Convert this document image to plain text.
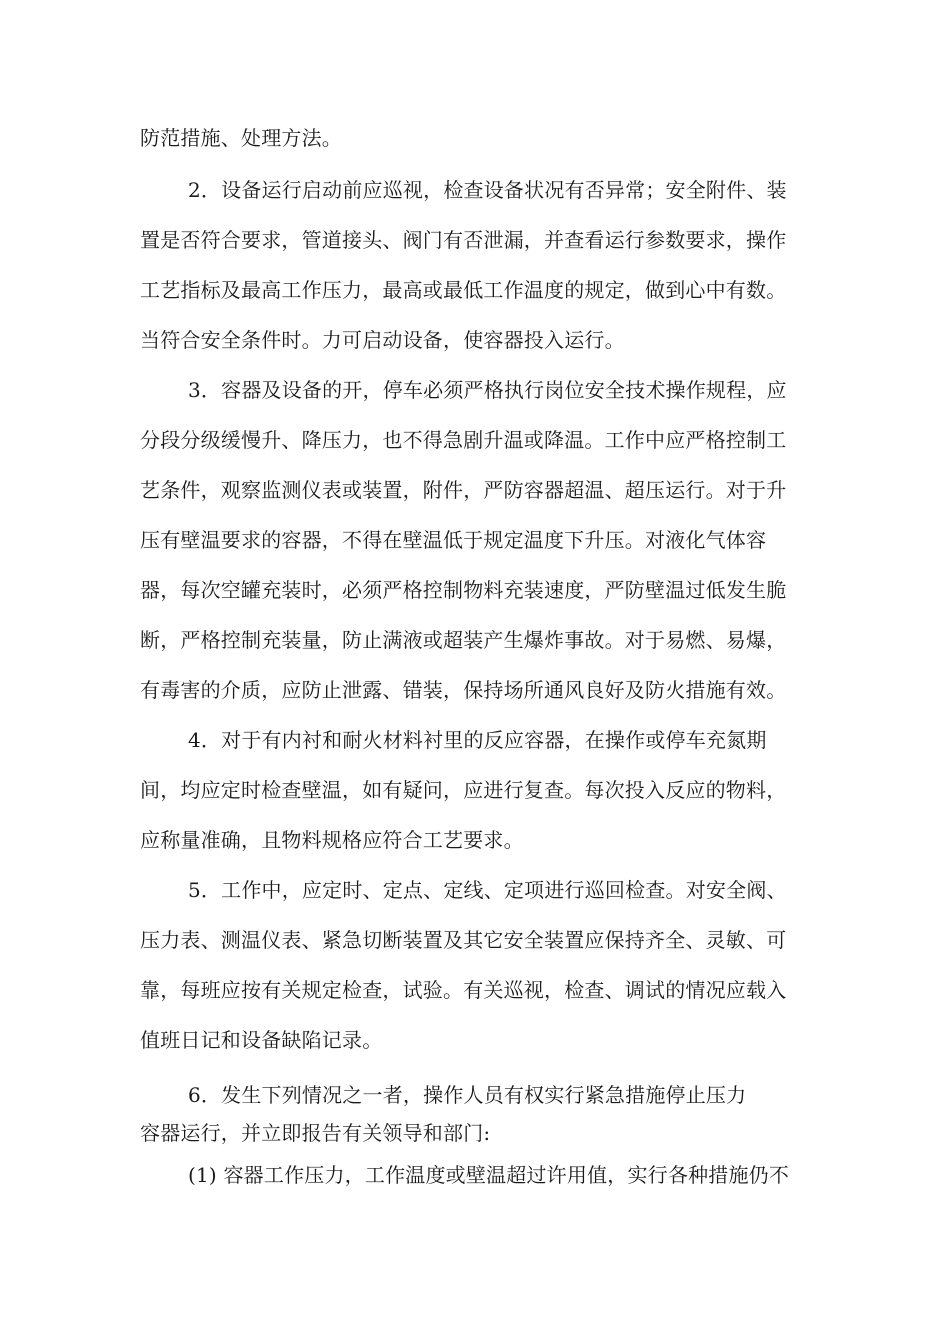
防范措施、处理方法。
2．设备运行启动前应巡视，检查设备状况有否异常；安全附件、装
置是否符合要求，管道接头、阀门有否泄漏，并查看运行参数要求，操作
工艺指标及最高工作压力，最高或最低工作温度的规定，做到心中有数。
当符合安全条件时。力可启动设备，使容器投入运行。
3．容器及设备的开，停车必须严格执行岗位安全技术操作规程，应
分段分级缓慢升、降压力，也不得急剧升温或降温。工作中应严格控制工
艺条件，观察监测仪表或装置，附件，严防容器超温、超压运行。对于升
压有壁温要求的容器，不得在壁温低于规定温度下升压。对液化气体容
器，每次空罐充装时，必须严格控制物料充装速度，严防壁温过低发生脆
断，严格控制充装量，防止满液或超装产生爆炸事故。对于易燃、易爆，
有毒害的介质，应防止泄露、错装，保持场所通风良好及防火措施有效。
4．对于有内衬和耐火材料衬里的反应容器，在操作或停车充氮期
间，均应定时检查壁温，如有疑问，应进行复查。每次投入反应的物料，
应称量准确，且物料规格应符合工艺要求。
5．工作中，应定时、定点、定线、定项进行巡回检查。对安全阀、
压力表、测温仪表、紧急切断装置及其它安全装置应保持齐全、灵敏、可
靠，每班应按有关规定检查，试验。有关巡视，检查、调试的情况应载入
值班日记和设备缺陷记录。
6．发生下列情况之一者，操作人员有权实行紧急措施停止压力
容器运行，并立即报告有关领导和部门:
(1) 容器工作压力，工作温度或壁温超过许用值，实行各种措施仍不
